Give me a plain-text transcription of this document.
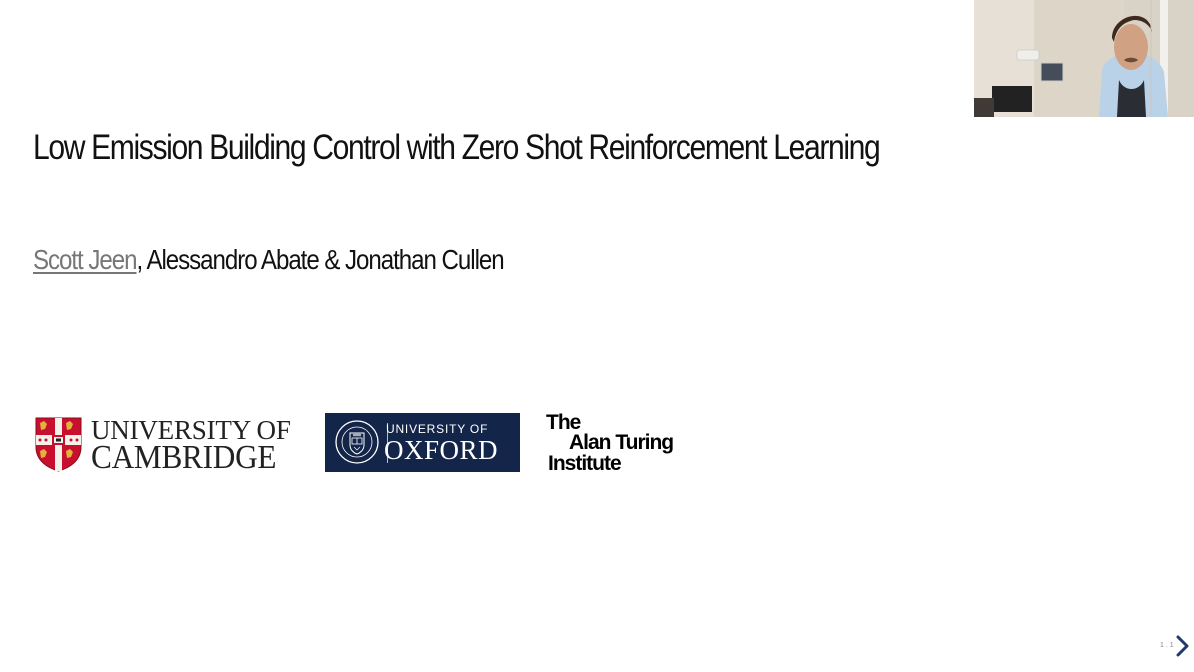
Low Emission Building Control with Zero Shot Reinforcement Learning
Scott Jeen, Alessandro Abate & Jonathan Cullen
UNIVERSITY OF
CAMBRIDGE
UNIVERSITY OF
OXFORD
The
Alan Turing
Institute
1 . 1
